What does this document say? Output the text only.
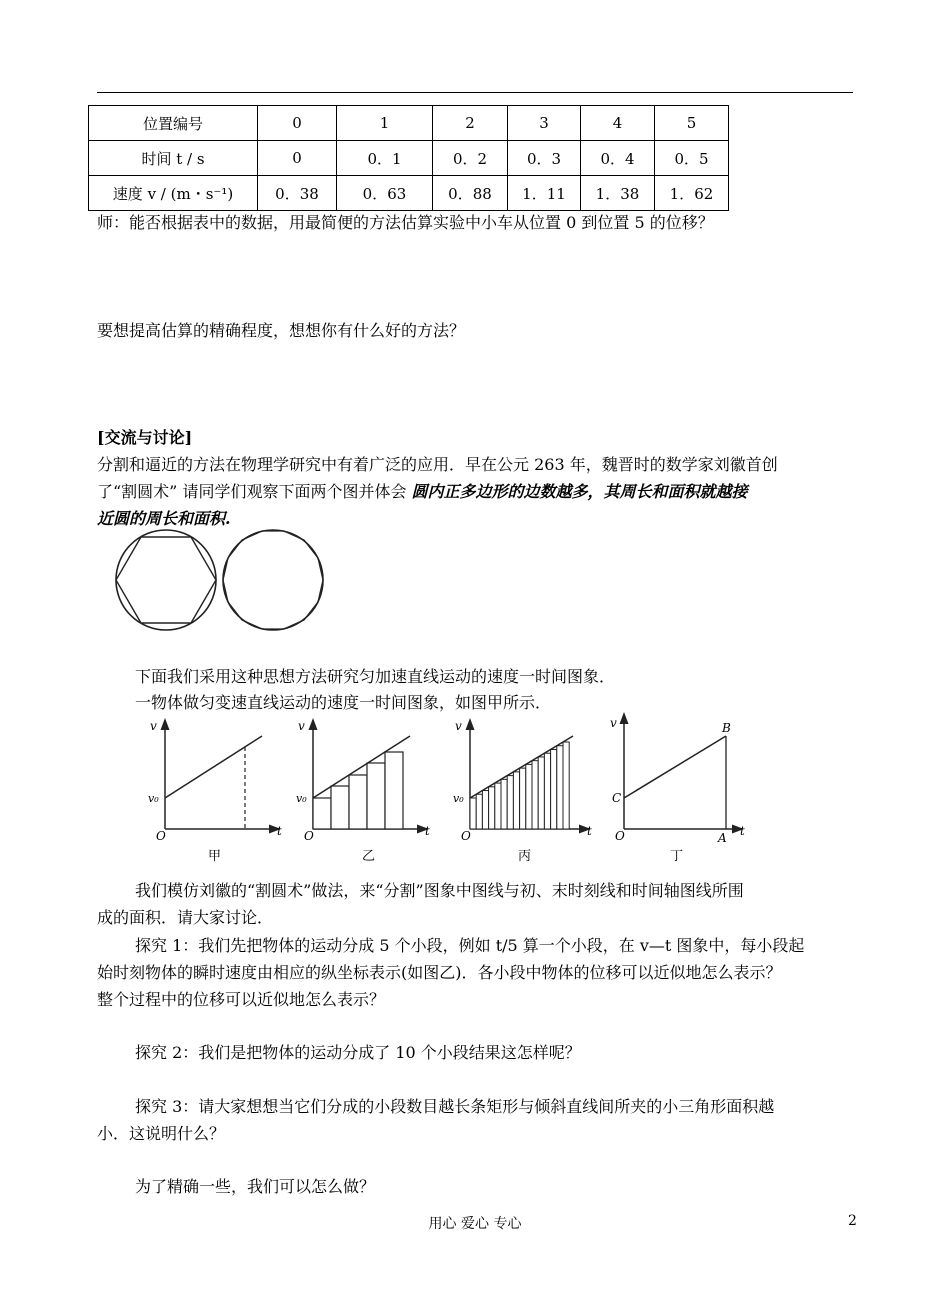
位置编号	0	1	2	3	4	5
时间 t / s	0	0．1	0．2	0．3	0．4	0．5
速度 v / (m・s⁻¹)	0．38	0．63	0．88	1．11	1．38	1．62
师：能否根据表中的数据，用最简便的方法估算实验中小车从位置 0 到位置 5 的位移？
要想提高估算的精确程度，想想你有什么好的方法？
[交流与讨论]
分割和逼近的方法在物理学研究中有着广泛的应用．早在公元 263 年，魏晋时的数学家刘徽首创
了“割圆术” 请同学们观察下面两个图并体会 圆内正多边形的边数越多，其周长和面积就越接
近圆的周长和面积.
下面我们采用这种思想方法研究匀加速直线运动的速度一时间图象．
一物体做匀变速直线运动的速度一时间图象，如图甲所示．
v
t
O
v₀
甲
v
t
O
v₀
乙
v
t
O
v₀
丙
v
t
O
C
B
A
丁
我们模仿刘徽的“割圆术”做法，来“分割”图象中图线与初、末时刻线和时间轴图线所围
成的面积．请大家讨论．
探究 1：我们先把物体的运动分成 5 个小段，例如 t/5 算一个小段，在 v—t 图象中，每小段起
始时刻物体的瞬时速度由相应的纵坐标表示(如图乙)．各小段中物体的位移可以近似地怎么表示？
整个过程中的位移可以近似地怎么表示？
探究 2：我们是把物体的运动分成了 10 个小段结果这怎样呢？
探究 3：请大家想想当它们分成的小段数目越长条矩形与倾斜直线间所夹的小三角形面积越
小．这说明什么？
为了精确一些，我们可以怎么做？
用心 爱心 专心	2
